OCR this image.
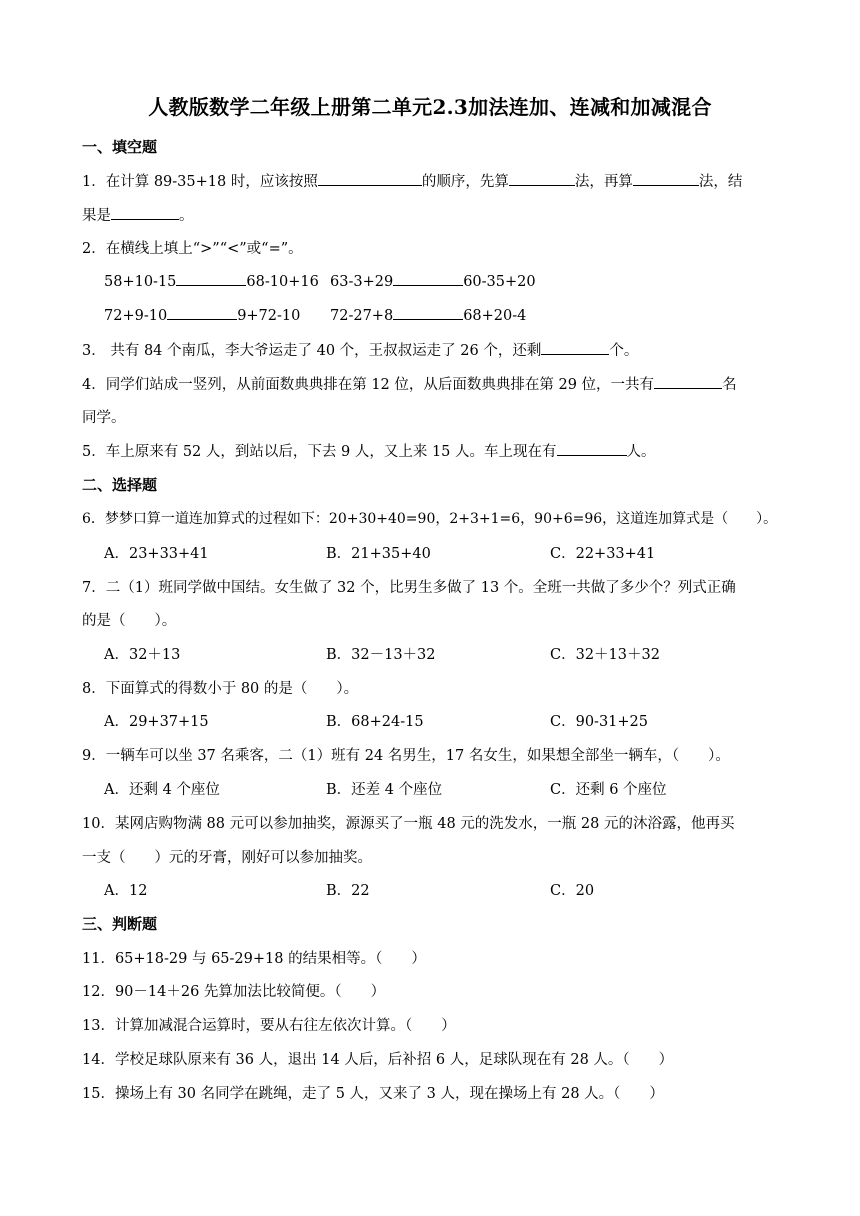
人教版数学二年级上册第二单元2.3加法连加、连减和加减混合
一、填空题
1．在计算 89-35+18 时，应该按照	的顺序，先算	法，再算	法，结
果是	。
2．在横线上填上“>”“<”或“=”。
58+10-15	68-10+16 63-3+29	60-35+20
72+9-10	9+72-10 72-27+8	68+20-4
3． 共有 84 个南瓜，李大爷运走了 40 个，王叔叔运走了 26 个，还剩	个。
4．同学们站成一竖列，从前面数典典排在第 12 位，从后面数典典排在第 29 位，一共有	名
同学。
5．车上原来有 52 人，到站以后，下去 9 人，又上来 15 人。车上现在有	人。
二、选择题
6．梦梦口算一道连加算式的过程如下：20+30+40=90，2+3+1=6，90+6=96，这道连加算式是（　　）。
A．23+33+41	B．21+35+40	C．22+33+41
7．二（1）班同学做中国结。女生做了 32 个，比男生多做了 13 个。全班一共做了多少个？列式正确
的是（　　）。
A．32＋13	B．32－13＋32	C．32＋13＋32
8．下面算式的得数小于 80 的是（　　）。
A．29+37+15	B．68+24-15	C．90-31+25
9．一辆车可以坐 37 名乘客，二（1）班有 24 名男生，17 名女生，如果想全部坐一辆车，（　　）。
A．还剩 4 个座位	B．还差 4 个座位	C．还剩 6 个座位
10．某网店购物满 88 元可以参加抽奖，源源买了一瓶 48 元的洗发水，一瓶 28 元的沐浴露，他再买
一支（　　）元的牙膏，刚好可以参加抽奖。
A．12	B．22	C．20
三、判断题
11．65+18-29 与 65-29+18 的结果相等。（　　）
12．90－14＋26 先算加法比较简便。（　　）
13．计算加减混合运算时，要从右往左依次计算。（　　）
14．学校足球队原来有 36 人，退出 14 人后，后补招 6 人，足球队现在有 28 人。（　　）
15．操场上有 30 名同学在跳绳，走了 5 人，又来了 3 人，现在操场上有 28 人。（　　）
